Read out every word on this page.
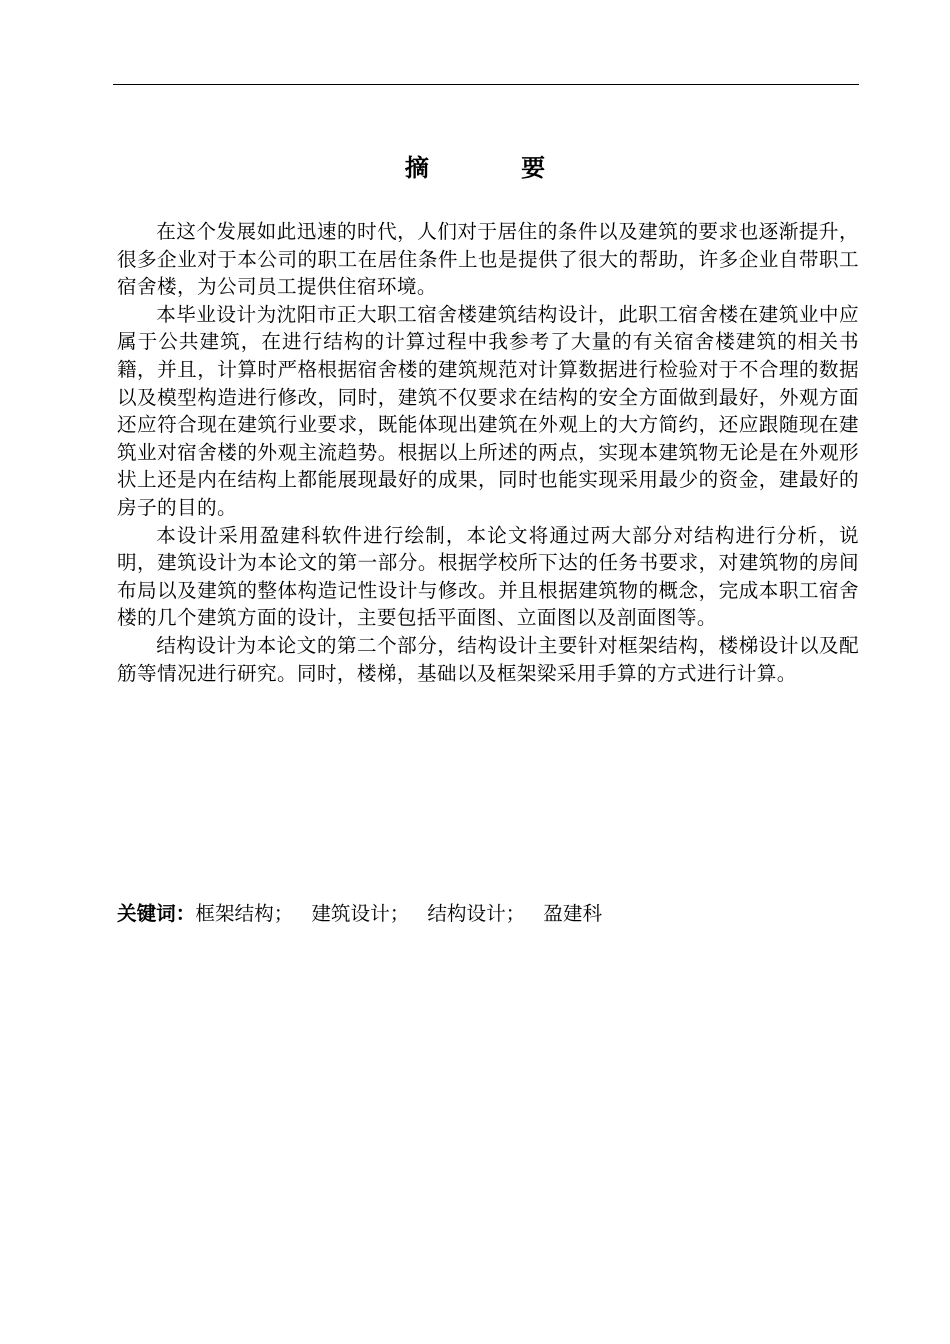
摘 要

在这个发展如此迅速的时代，人们对于居住的条件以及建筑的要求也逐渐提升，很多企业对于本公司的职工在居住条件上也是提供了很大的帮助，许多企业自带职工宿舍楼，为公司员工提供住宿环境。

本毕业设计为沈阳市正大职工宿舍楼建筑结构设计，此职工宿舍楼在建筑业中应属于公共建筑，在进行结构的计算过程中我参考了大量的有关宿舍楼建筑的相关书籍，并且，计算时严格根据宿舍楼的建筑规范对计算数据进行检验对于不合理的数据以及模型构造进行修改，同时，建筑不仅要求在结构的安全方面做到最好，外观方面还应符合现在建筑行业要求，既能体现出建筑在外观上的大方简约，还应跟随现在建筑业对宿舍楼的外观主流趋势。根据以上所述的两点，实现本建筑物无论是在外观形状上还是内在结构上都能展现最好的成果，同时也能实现采用最少的资金，建最好的房子的目的。

本设计采用盈建科软件进行绘制，本论文将通过两大部分对结构进行分析，说明，建筑设计为本论文的第一部分。根据学校所下达的任务书要求，对建筑物的房间布局以及建筑的整体构造记性设计与修改。并且根据建筑物的概念，完成本职工宿舍楼的几个建筑方面的设计，主要包括平面图、立面图以及剖面图等。

结构设计为本论文的第二个部分，结构设计主要针对框架结构，楼梯设计以及配筋等情况进行研究。同时，楼梯，基础以及框架梁采用手算的方式进行计算。

关键词：框架结构； 建筑设计； 结构设计； 盈建科
